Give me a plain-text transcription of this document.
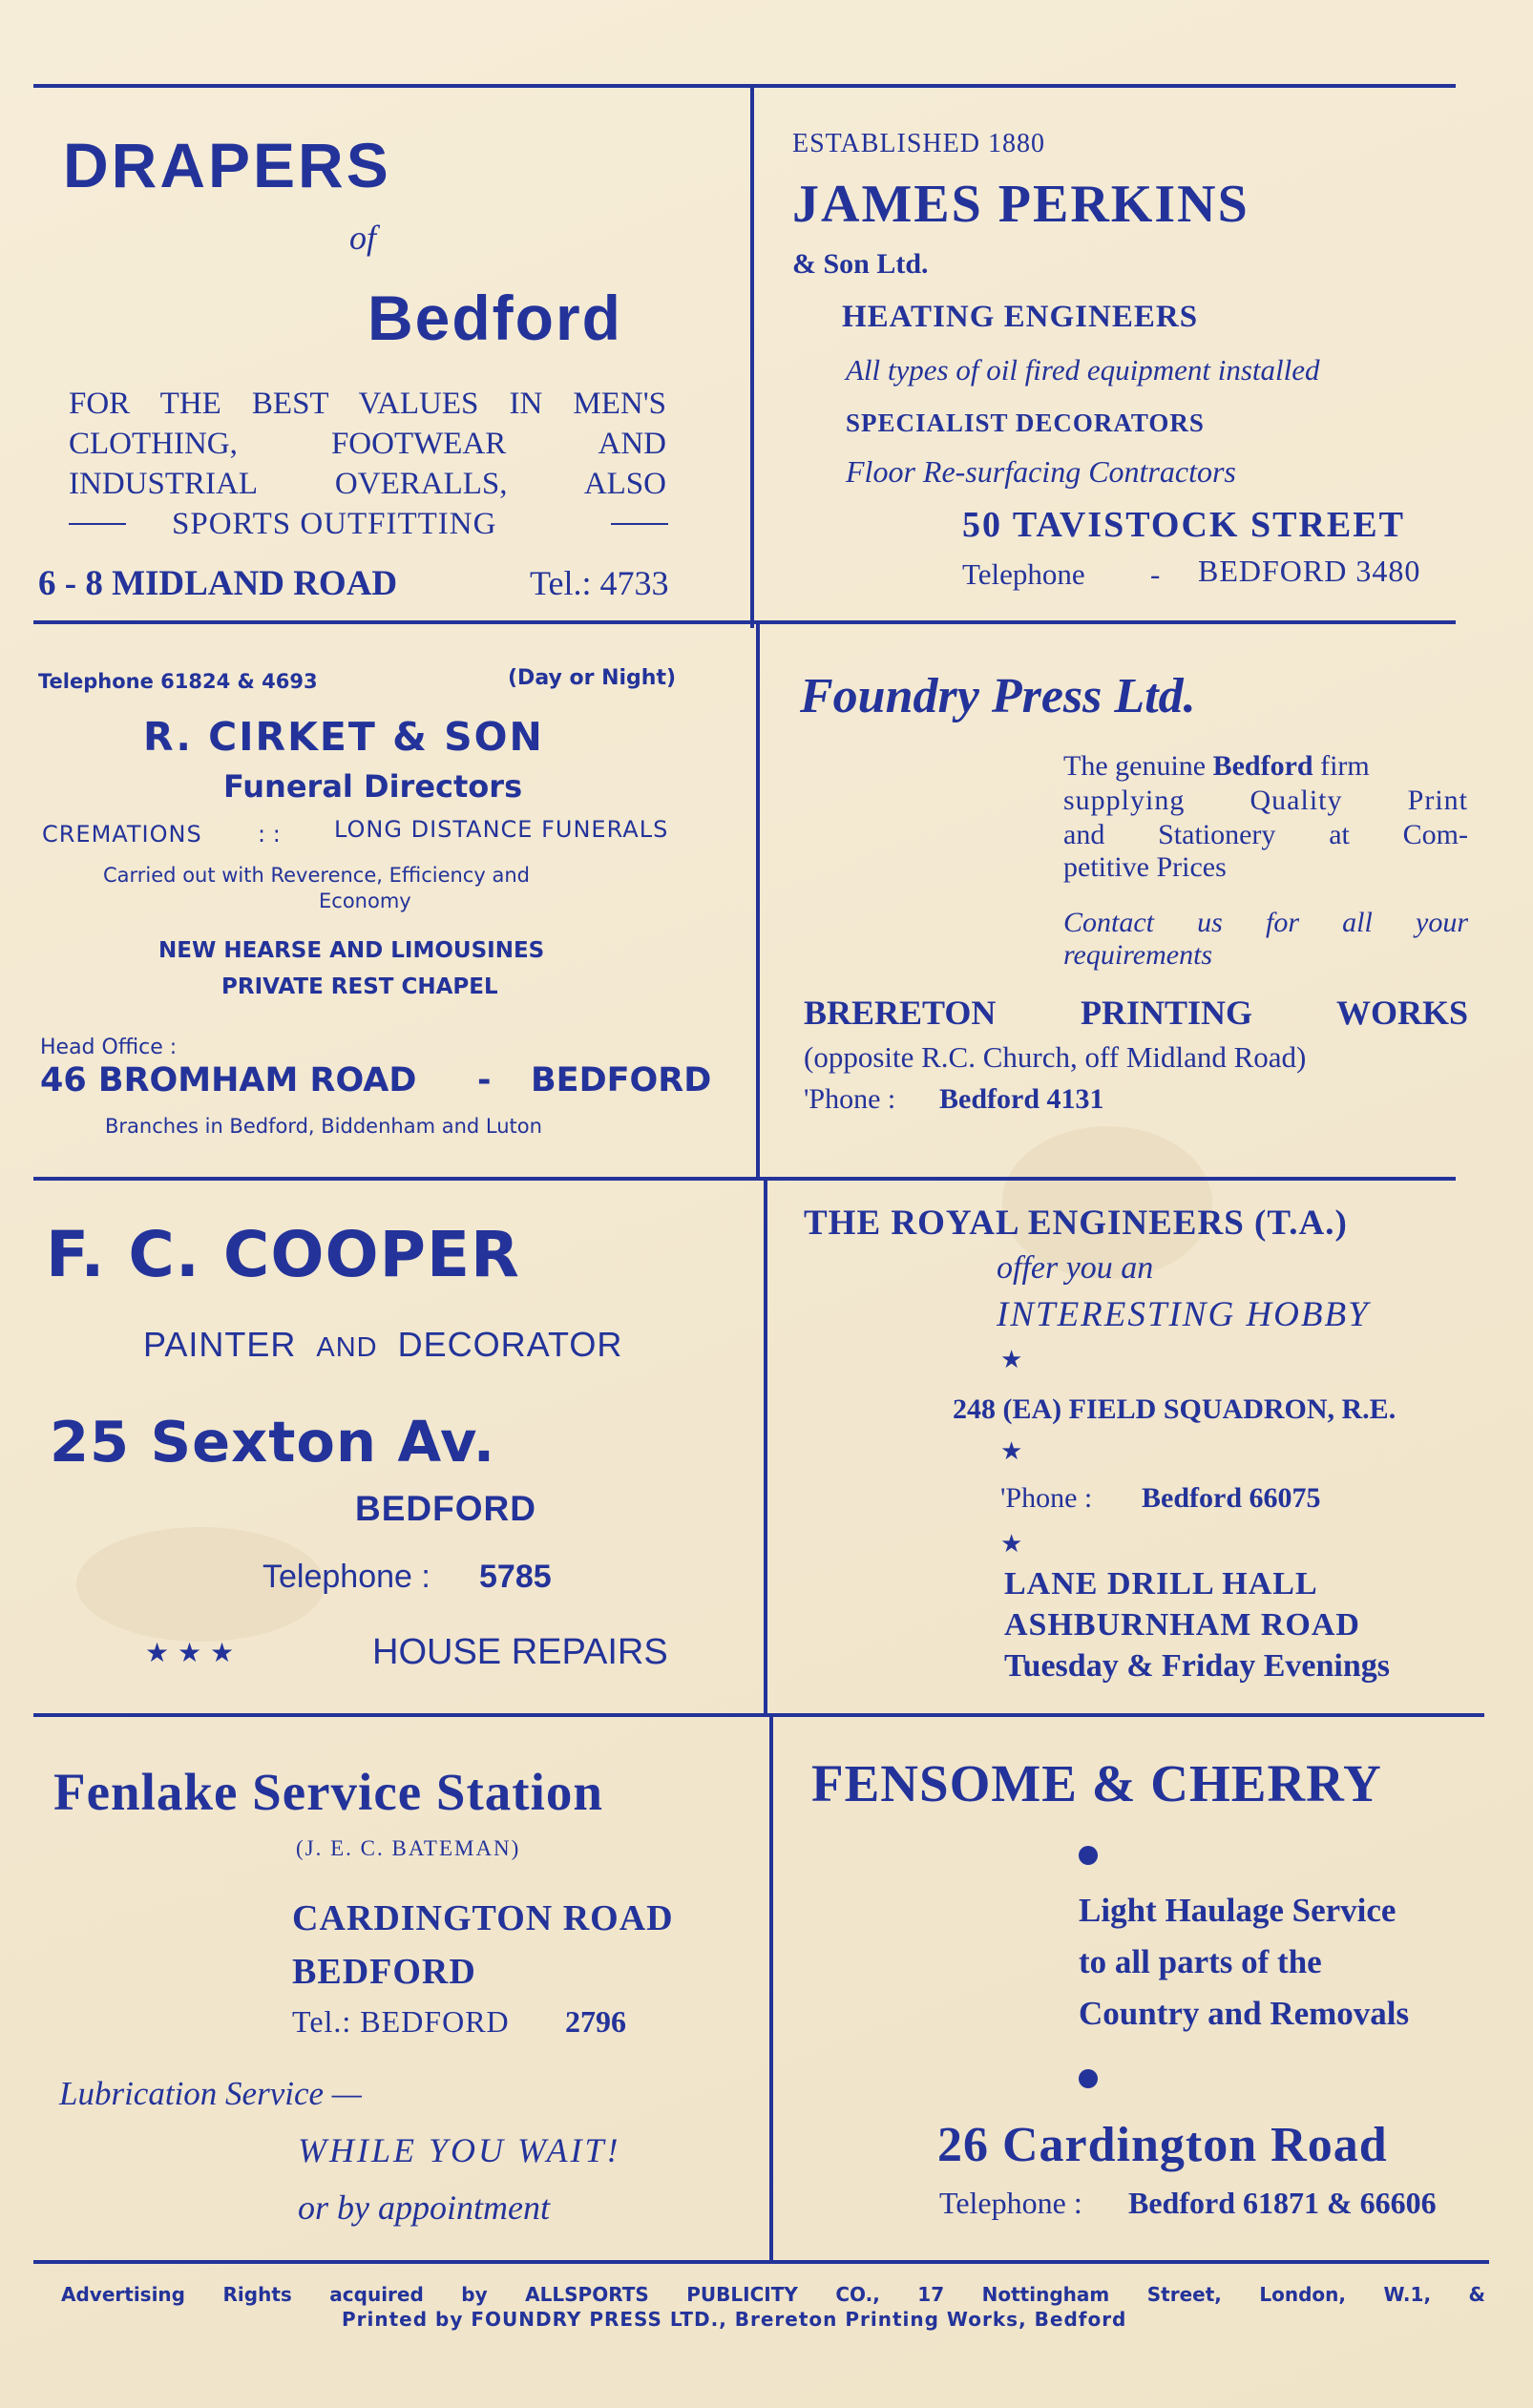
DRAPERS
of
Bedford
FOR THE BEST VALUES IN MEN'S
CLOTHING, FOOTWEAR AND
INDUSTRIAL OVERALLS, ALSO
SPORTS OUTFITTING
6 - 8 MIDLAND ROAD	Tel.: 4733
ESTABLISHED 1880
JAMES PERKINS
& Son Ltd.
HEATING ENGINEERS
All types of oil fired equipment installed
SPECIALIST DECORATORS
Floor Re-surfacing Contractors
50 TAVISTOCK STREET
Telephone - BEDFORD 3480
Telephone 61824 & 4693	(Day or Night)
R. CIRKET & SON
Funeral Directors
CREMATIONS : : LONG DISTANCE FUNERALS
Carried out with Reverence, Efficiency and
Economy
NEW HEARSE AND LIMOUSINES
PRIVATE REST CHAPEL
Head Office :
46 BROMHAM ROAD - BEDFORD
Branches in Bedford, Biddenham and Luton
Foundry Press Ltd.
The genuine Bedford firm
supplying Quality Print
and Stationery at Com-
petitive Prices
Contact us for all your
requirements
BRERETON PRINTING WORKS
(opposite R.C. Church, off Midland Road)
'Phone : Bedford 4131
F. C. COOPER
PAINTER AND DECORATOR
25 Sexton Av.
BEDFORD
Telephone : 5785
★ ★ ★	HOUSE REPAIRS
THE ROYAL ENGINEERS (T.A.)
offer you an
INTERESTING HOBBY
★
248 (EA) FIELD SQUADRON, R.E.
★
'Phone : Bedford 66075
★
LANE DRILL HALL
ASHBURNHAM ROAD
Tuesday & Friday Evenings
Fenlake Service Station
(J. E. C. BATEMAN)
CARDINGTON ROAD
BEDFORD
Tel.: BEDFORD 2796
Lubrication Service —
WHILE YOU WAIT!
or by appointment
FENSOME & CHERRY
Light Haulage Service
to all parts of the
Country and Removals
26 Cardington Road
Telephone : Bedford 61871 & 66606
Advertising Rights acquired by ALLSPORTS PUBLICITY CO., 17 Nottingham Street, London, W.1, &
Printed by FOUNDRY PRESS LTD., Brereton Printing Works, Bedford
